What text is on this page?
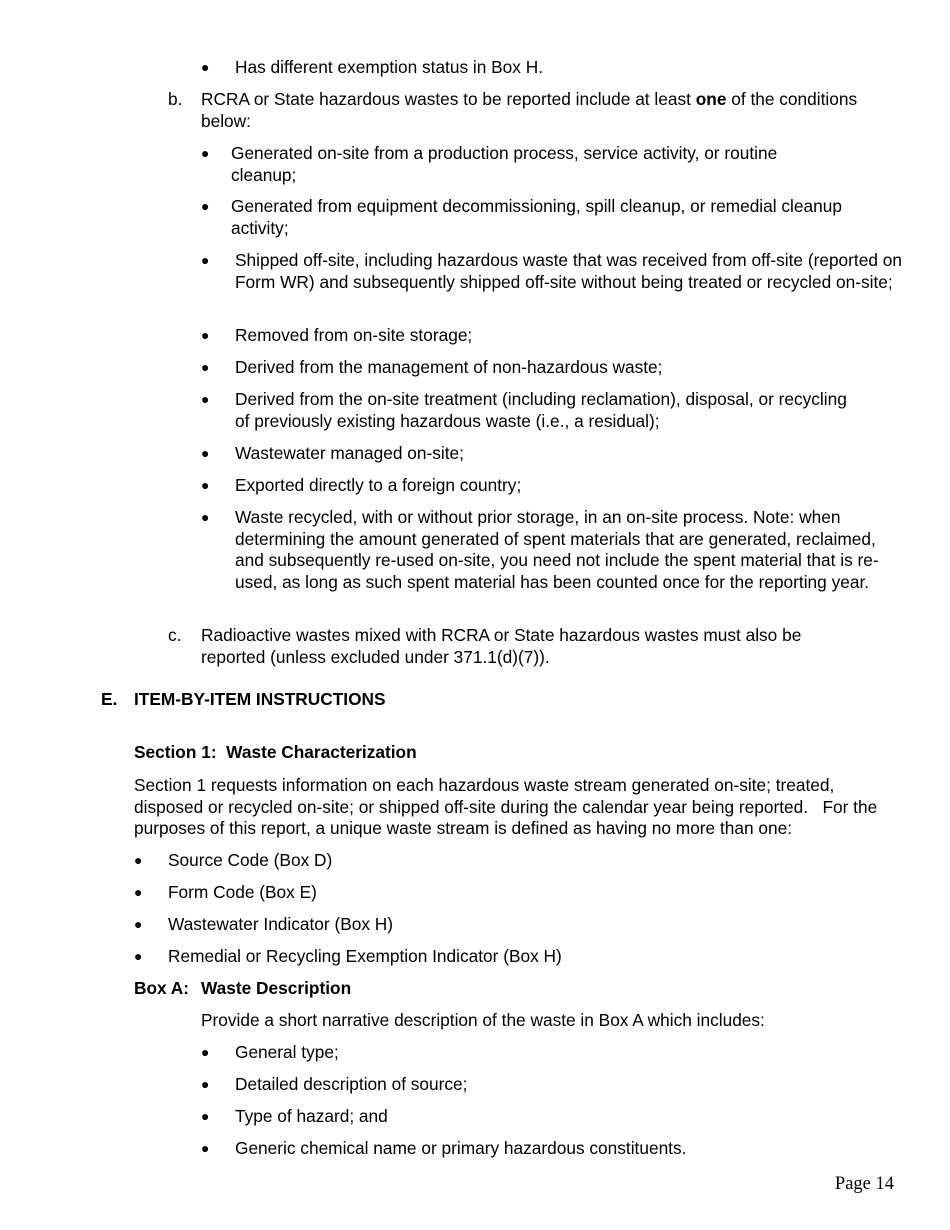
● Has different exemption status in Box H.
b. RCRA or State hazardous wastes to be reported include at least one of the conditions below:
● Generated on-site from a production process, service activity, or routine cleanup;
● Generated from equipment decommissioning, spill cleanup, or remedial cleanup activity;
● Shipped off-site, including hazardous waste that was received from off-site (reported on Form WR) and subsequently shipped off-site without being treated or recycled on-site;
● Removed from on-site storage;
● Derived from the management of non-hazardous waste;
● Derived from the on-site treatment (including reclamation), disposal, or recycling of previously existing hazardous waste (i.e., a residual);
● Wastewater managed on-site;
● Exported directly to a foreign country;
● Waste recycled, with or without prior storage, in an on-site process. Note: when determining the amount generated of spent materials that are generated, reclaimed, and subsequently re-used on-site, you need not include the spent material that is re-used, as long as such spent material has been counted once for the reporting year.
c. Radioactive wastes mixed with RCRA or State hazardous wastes must also be reported (unless excluded under 371.1(d)(7)).
E. ITEM-BY-ITEM INSTRUCTIONS
Section 1:  Waste Characterization
Section 1 requests information on each hazardous waste stream generated on-site; treated, disposed or recycled on-site; or shipped off-site during the calendar year being reported.   For the purposes of this report, a unique waste stream is defined as having no more than one:
● Source Code (Box D)
● Form Code (Box E)
● Wastewater Indicator (Box H)
● Remedial or Recycling Exemption Indicator (Box H)
Box A: Waste Description
Provide a short narrative description of the waste in Box A which includes:
● General type;
● Detailed description of source;
● Type of hazard; and
● Generic chemical name or primary hazardous constituents.
Page 14
